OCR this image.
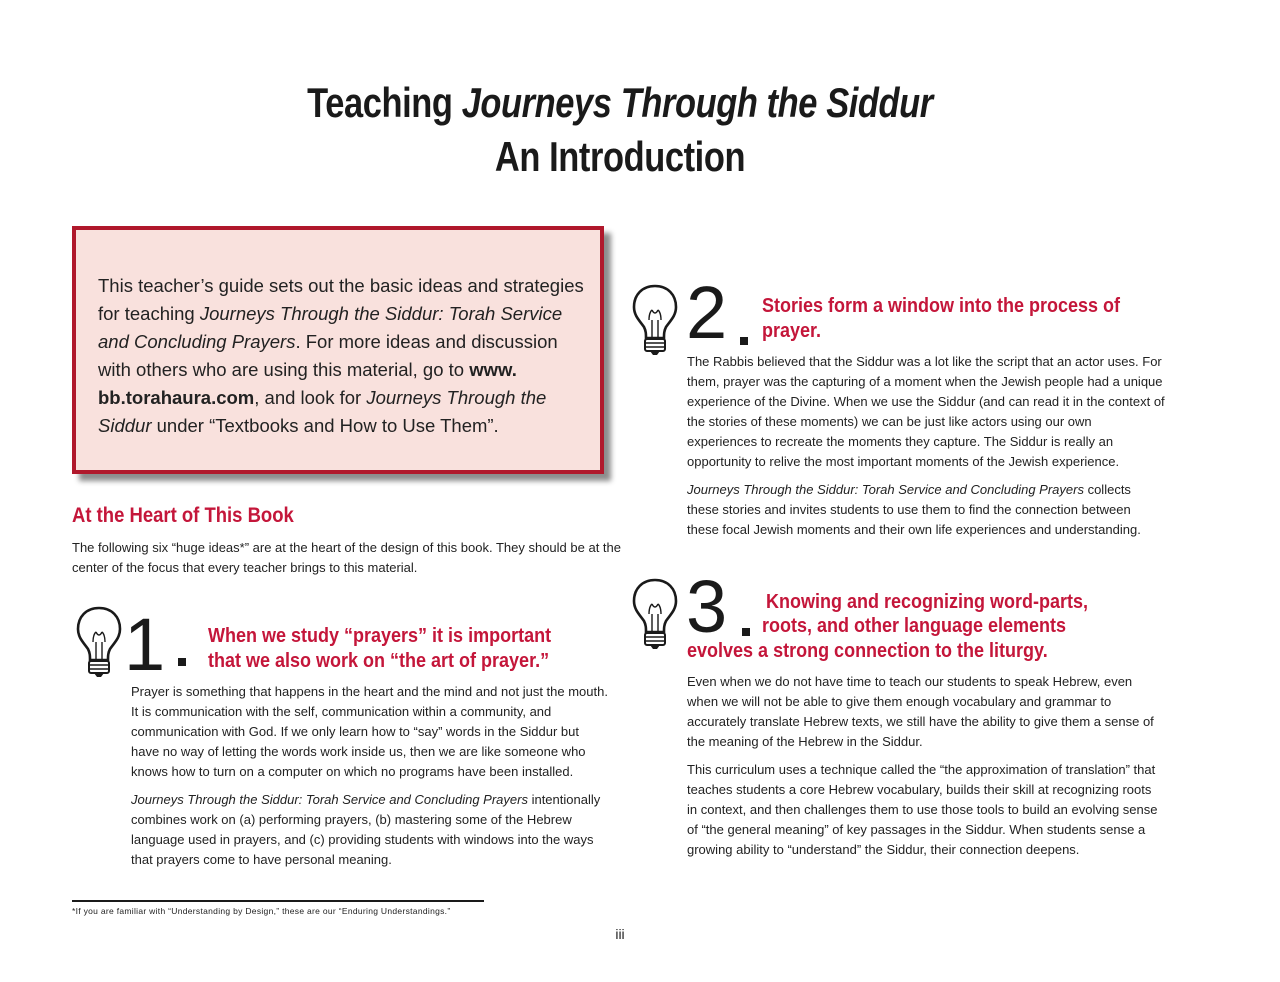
Teaching Journeys Through the Siddur
An Introduction

This teacher’s guide sets out the basic ideas and strategies for teaching Journeys Through the Siddur: Torah Service and Concluding Prayers. For more ideas and discussion with others who are using this material, go to www. bb.torahaura.com, and look for Journeys Through the Siddur under “Textbooks and How to Use Them”.

At the Heart of This Book
The following six “huge ideas*” are at the heart of the design of this book. They should be at the center of the focus that every teacher brings to this material.
1 When we study “prayers” it is important that we also work on “the art of prayer.”

Prayer is something that happens in the heart and the mind and not just the mouth. It is communication with the self, communication within a community, and communication with God. If we only learn how to “say” words in the Siddur but have no way of letting the words work inside us, then we are like someone who knows how to turn on a computer on which no programs have been installed.

Journeys Through the Siddur: Torah Service and Concluding Prayers intentionally combines work on (a) performing prayers, (b) mastering some of the Hebrew language used in prayers, and (c) providing students with windows into the ways that prayers come to have personal meaning.

2 Stories form a window into the process of prayer.

The Rabbis believed that the Siddur was a lot like the script that an actor uses. For them, prayer was the capturing of a moment when the Jewish people had a unique experience of the Divine. When we use the Siddur (and can read it in the context of the stories of these moments) we can be just like actors using our own experiences to recreate the moments they capture. The Siddur is really an opportunity to relive the most important moments of the Jewish experience.

Journeys Through the Siddur: Torah Service and Concluding Prayers collects these stories and invites students to use them to find the connection between these focal Jewish moments and their own life experiences and understanding.

3 Knowing and recognizing word-parts,
roots, and other language elements
evolves a strong connection to the liturgy.

Even when we do not have time to teach our students to speak Hebrew, even when we will not be able to give them enough vocabulary and grammar to accurately translate Hebrew texts, we still have the ability to give them a sense of the meaning of the Hebrew in the Siddur.

This curriculum uses a technique called the “the approximation of translation” that teaches students a core Hebrew vocabulary, builds their skill at recognizing roots in context, and then challenges them to use those tools to build an evolving sense of “the general meaning” of key passages in the Siddur. When students sense a growing ability to “understand” the Siddur, their connection deepens.

*If you are familiar with “Understanding by Design,” these are our “Enduring Understandings.”
iii
